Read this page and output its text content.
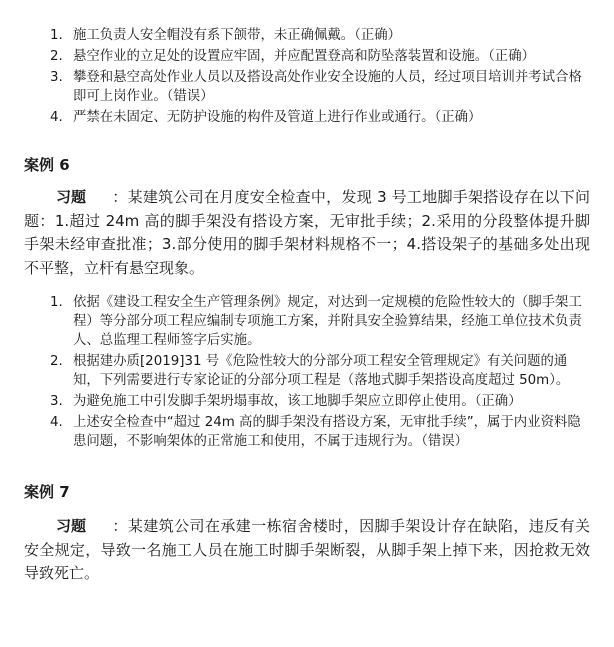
1. 施工负责人安全帽没有系下颌带，未正确佩戴。（正确）
2. 悬空作业的立足处的设置应牢固，并应配置登高和防坠落装置和设施。（正确）
3. 攀登和悬空高处作业人员以及搭设高处作业安全设施的人员，经过项目培训并考试合格即可上岗作业。（错误）
4. 严禁在未固定、无防护设施的构件及管道上进行作业或通行。（正确）
案例 6
习题 ：某建筑公司在月度安全检查中，发现 3 号工地脚手架搭设存在以下问题：1.超过 24m 高的脚手架没有搭设方案，无审批手续；2.采用的分段整体提升脚手架未经审查批准；3.部分使用的脚手架材料规格不一；4.搭设架子的基础多处出现不平整，立杆有悬空现象。
1. 依据《建设工程安全生产管理条例》规定，对达到一定规模的危险性较大的（脚手架工程）等分部分项工程应编制专项施工方案，并附具安全验算结果，经施工单位技术负责人、总监理工程师签字后实施。
2. 根据建办质[2019]31 号《危险性较大的分部分项工程安全管理规定》有关问题的通知，下列需要进行专家论证的分部分项工程是（落地式脚手架搭设高度超过 50m）。
3. 为避免施工中引发脚手架坍塌事故，该工地脚手架应立即停止使用。（正确）
4. 上述安全检查中“超过 24m 高的脚手架没有搭设方案，无审批手续”，属于内业资料隐患问题，不影响架体的正常施工和使用，不属于违规行为。（错误）
案例 7
习题 ：某建筑公司在承建一栋宿舍楼时，因脚手架设计存在缺陷，违反有关安全规定，导致一名施工人员在施工时脚手架断裂，从脚手架上掉下来，因抢救无效导致死亡。
